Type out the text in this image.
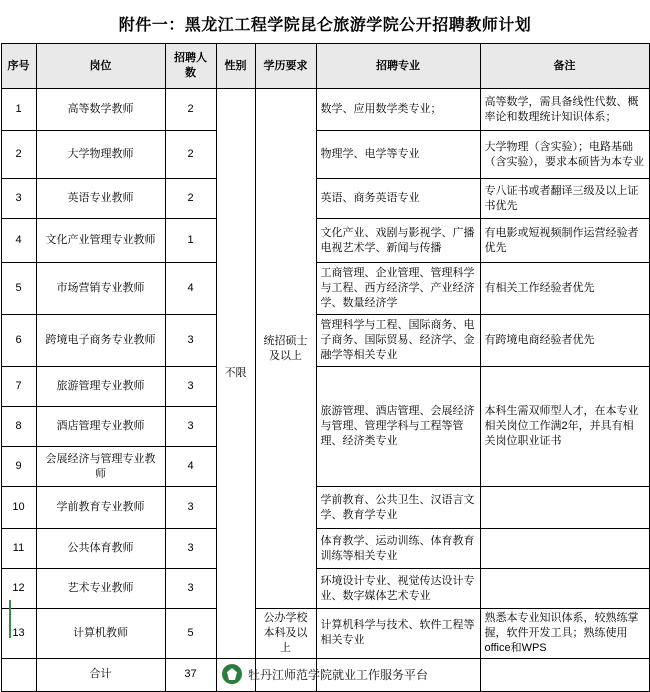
附件一：黑龙江工程学院昆仑旅游学院公开招聘教师计划
序号	岗位	招聘人数	性别	学历要求	招聘专业	备注
1	高等数学教师	2	不限	统招硕士及以上	数学、应用数学类专业；	高等数学，需具备线性代数、概率论和数理统计知识体系；
2	大学物理教师	2			物理学、电学等专业	大学物理（含实验）；电路基础（含实验），要求本硕皆为本专业
3	英语专业教师	2			英语、商务英语专业	专八证书或者翻译三级及以上证书优先
4	文化产业管理专业教师	1			文化产业、戏剧与影视学、广播电视艺术学、新闻与传播	有电影或短视频制作运营经验者优先
5	市场营销专业教师	4			工商管理、企业管理、管理科学与工程、西方经济学、产业经济学、数量经济学	有相关工作经验者优先
6	跨境电子商务专业教师	3			管理科学与工程、国际商务、电子商务、国际贸易、经济学、金融学等相关专业	有跨境电商经验者优先
7	旅游管理专业教师	3			旅游管理、酒店管理、会展经济与管理、管理学科与工程等管理、经济类专业	本科生需双师型人才，在本专业相关岗位工作满2年，并具有相关岗位职业证书
8	酒店管理专业教师	3				
9	会展经济与管理专业教师	4				
10	学前教育专业教师	3			学前教育、公共卫生、汉语言文学、教育学专业	
11	公共体育教师	3			体育教学、运动训练、体育教育训练等相关专业	
12	艺术专业教师	3			环境设计专业、视觉传达设计专业、数字媒体艺术专业	
13	计算机教师	5		公办学校本科及以上	计算机科学与技术、软件工程等相关专业	熟悉本专业知识体系，较熟练掌握，软件开发工具；熟练使用office和WPS
	合计	37					牡丹江师范学院就业工作服务平台
